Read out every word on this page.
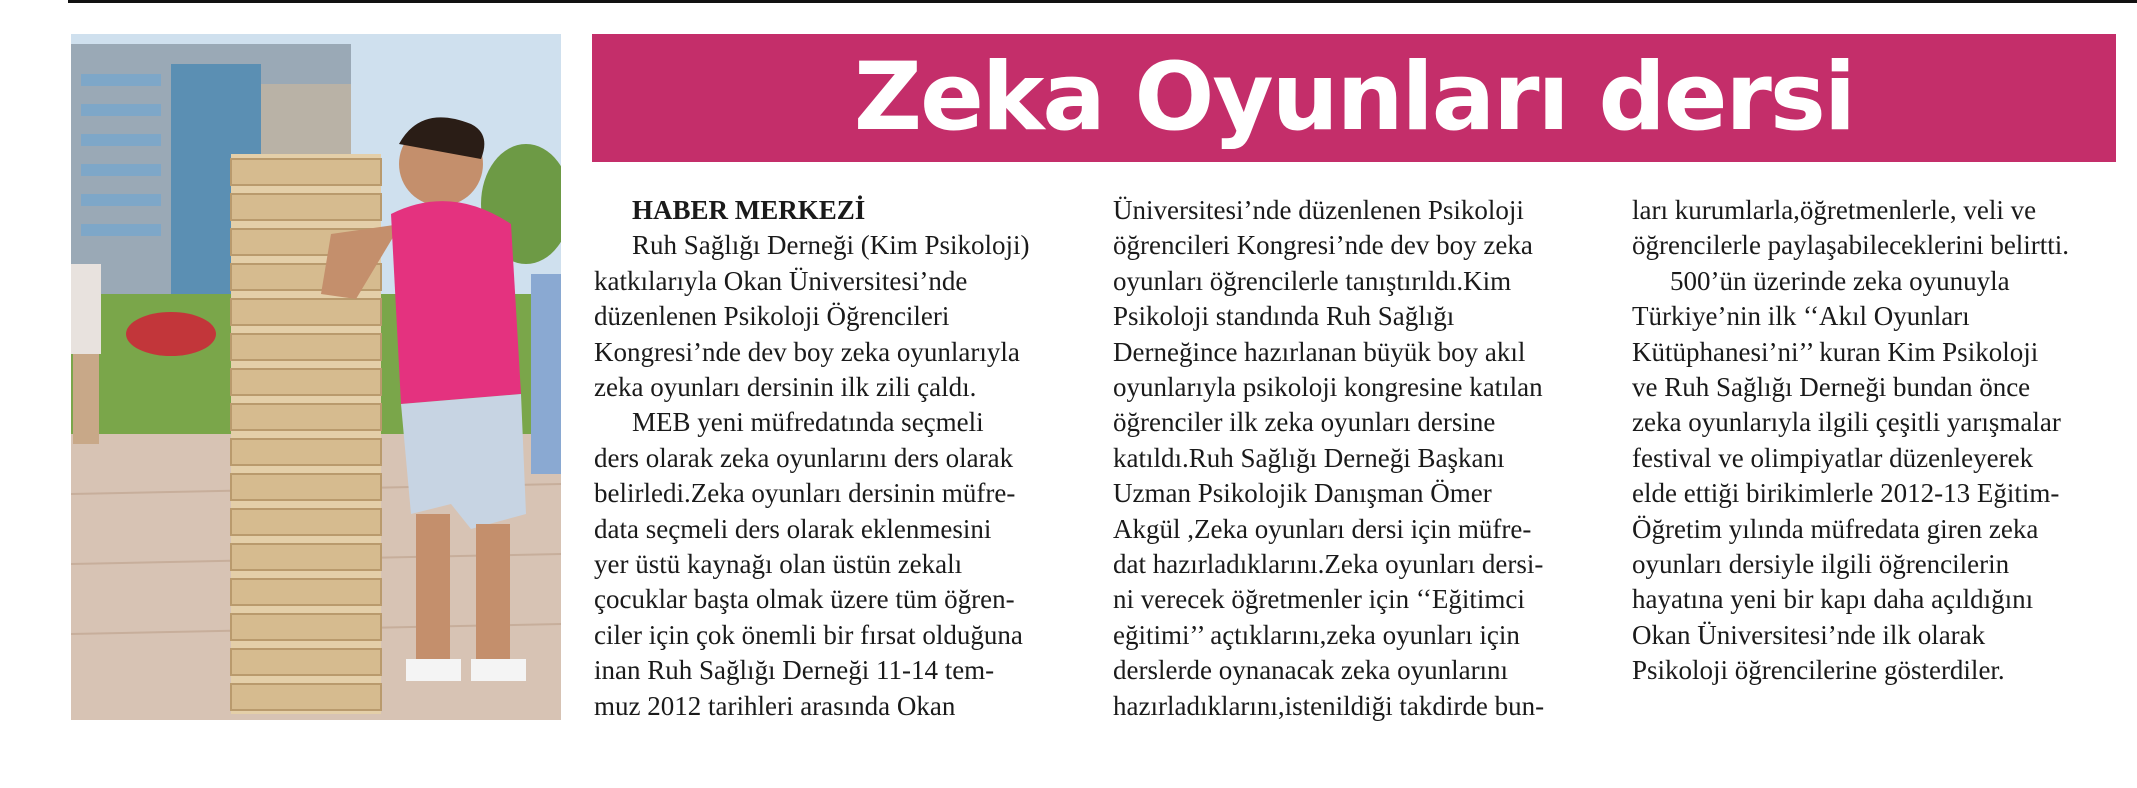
Zeka Oyunları dersi

HABER MERKEZİ

Ruh Sağlığı Derneği (Kim Psikoloji)
katkılarıyla Okan Üniversitesi’nde
düzenlenen Psikoloji Öğrencileri
Kongresi’nde dev boy zeka oyunlarıyla
zeka oyunları dersinin ilk zili çaldı.

MEB yeni müfredatında seçmeli
ders olarak zeka oyunlarını ders olarak
belirledi.Zeka oyunları dersinin müfre-
data seçmeli ders olarak eklenmesini
yer üstü kaynağı olan üstün zekalı
çocuklar başta olmak üzere tüm öğren-
ciler için çok önemli bir fırsat olduğuna
inan Ruh Sağlığı Derneği 11-14 tem-
muz 2012 tarihleri arasında Okan

Üniversitesi’nde düzenlenen Psikoloji
öğrencileri Kongresi’nde dev boy zeka
oyunları öğrencilerle tanıştırıldı.Kim
Psikoloji standında Ruh Sağlığı
Derneğince hazırlanan büyük boy akıl
oyunlarıyla psikoloji kongresine katılan
öğrenciler ilk zeka oyunları dersine
katıldı.Ruh Sağlığı Derneği Başkanı
Uzman Psikolojik Danışman Ömer
Akgül ,Zeka oyunları dersi için müfre-
dat hazırladıklarını.Zeka oyunları dersi-
ni verecek öğretmenler için ‘‘Eğitimci
eğitimi’’ açtıklarını,zeka oyunları için
derslerde oynanacak zeka oyunlarını
hazırladıklarını,istenildiği takdirde bun-

ları kurumlarla,öğretmenlerle, veli ve
öğrencilerle paylaşabileceklerini belirtti.

500’ün üzerinde zeka oyunuyla
Türkiye’nin ilk ‘‘Akıl Oyunları
Kütüphanesi’ni’’ kuran Kim Psikoloji
ve Ruh Sağlığı Derneği bundan önce
zeka oyunlarıyla ilgili çeşitli yarışmalar
festival ve olimpiyatlar düzenleyerek
elde ettiği birikimlerle 2012-13 Eğitim-
Öğretim yılında müfredata giren zeka
oyunları dersiyle ilgili öğrencilerin
hayatına yeni bir kapı daha açıldığını
Okan Üniversitesi’nde ilk olarak
Psikoloji öğrencilerine gösterdiler.
